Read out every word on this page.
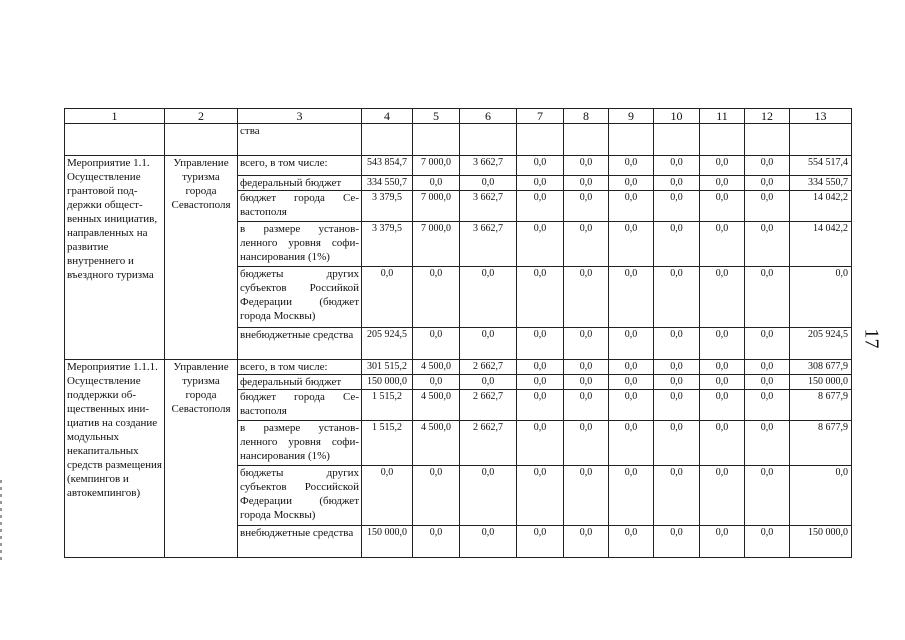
1	2	3	4	5	6	7	8	9	10	11	12	13
		ства										
Мероприятие 1.1. Осуществление грантовой поддержки общественных инициатив, направленных на развитие внутреннего и въездного туризма	Управление туризма города Севастополя	всего, в том числе:	543 854,7	7 000,0	3 662,7	0,0	0,0	0,0	0,0	0,0	0,0	554 517,4
		федеральный бюджет	334 550,7	0,0	0,0	0,0	0,0	0,0	0,0	0,0	0,0	334 550,7
		бюджет города Севастополя	3 379,5	7 000,0	3 662,7	0,0	0,0	0,0	0,0	0,0	0,0	14 042,2
		в размере установленного уровня софинансирования (1%)	3 379,5	7 000,0	3 662,7	0,0	0,0	0,0	0,0	0,0	0,0	14 042,2
		бюджеты других субъектов Российкой Федерации (бюджет города Москвы)	0,0	0,0	0,0	0,0	0,0	0,0	0,0	0,0	0,0	0,0
		внебюджетные средства	205 924,5	0,0	0,0	0,0	0,0	0,0	0,0	0,0	0,0	205 924,5
Мероприятие 1.1.1. Осуществление поддержки общественных инициатив на создание модульных некапитальных средств размещения (кемпингов и автокемпингов)	Управление туризма города Севастополя	всего, в том числе:	301 515,2	4 500,0	2 662,7	0,0	0,0	0,0	0,0	0,0	0,0	308 677,9
		федеральный бюджет	150 000,0	0,0	0,0	0,0	0,0	0,0	0,0	0,0	0,0	150 000,0
		бюджет города Севастополя	1 515,2	4 500,0	2 662,7	0,0	0,0	0,0	0,0	0,0	0,0	8 677,9
		в размере установленного уровня софинансирования (1%)	1 515,2	4 500,0	2 662,7	0,0	0,0	0,0	0,0	0,0	0,0	8 677,9
		бюджеты других субъектов Российской Федерации (бюджет города Москвы)	0,0	0,0	0,0	0,0	0,0	0,0	0,0	0,0	0,0	0,0
		внебюджетные средства	150 000,0	0,0	0,0	0,0	0,0	0,0	0,0	0,0	0,0	150 000,0
17
